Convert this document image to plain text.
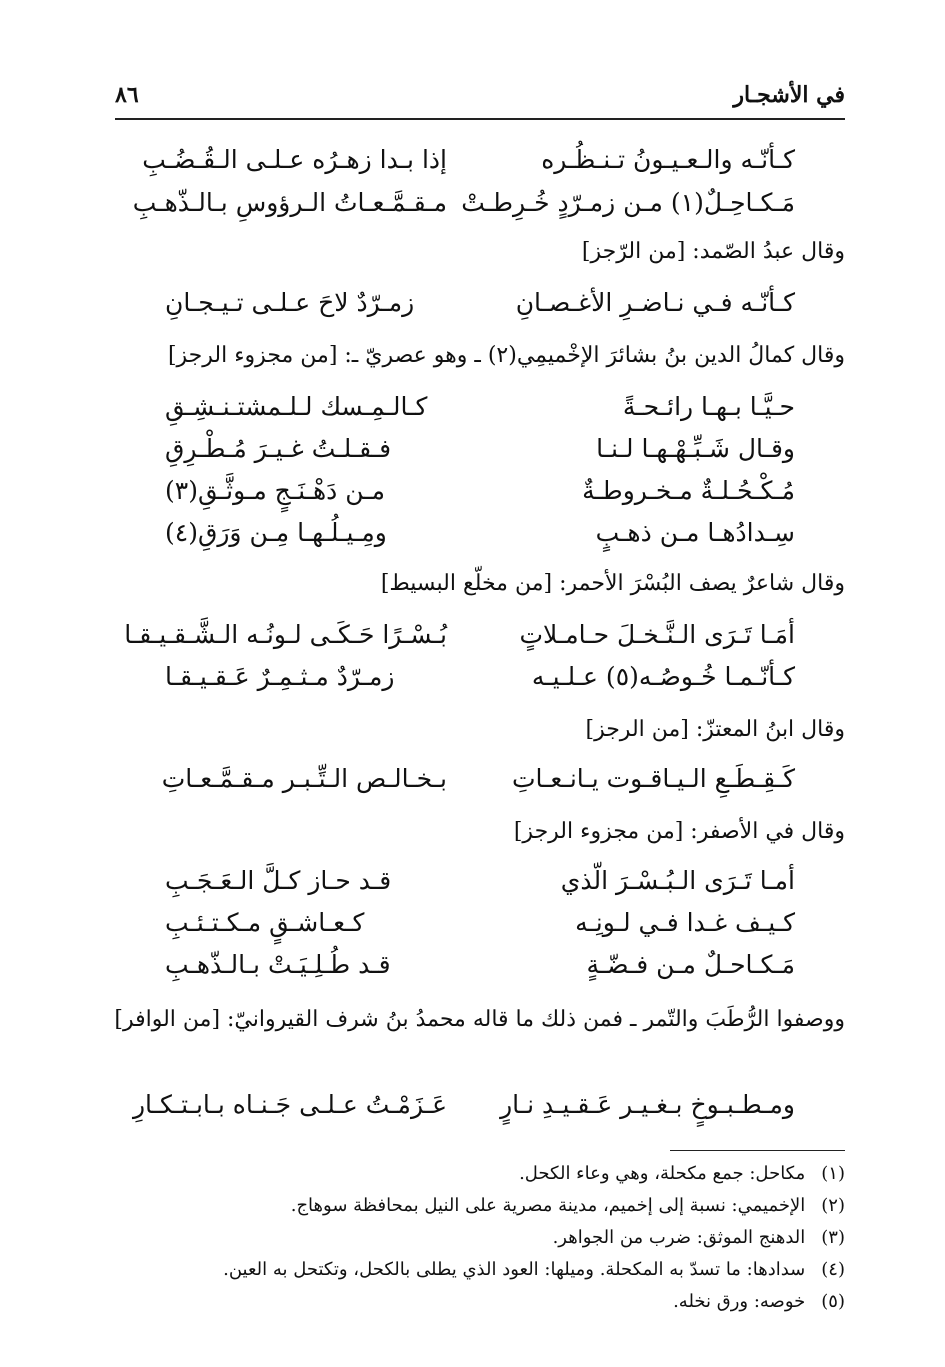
في الأشجـار
٨٦
كـأنّـه والـعـيـونُ تـنـظُـره
إذا بـدا زهـرُه عـلـى الـقُـضُـبِ
مَـكـاحِـلٌ(١) مـن زمـرّدٍ خُـرِطـتْ
مـقـمَّـعـاتُ الـرؤوسِ بـالـذّهـبِ
وقال عبدُ الصّمد: [من الرّجز]
كـأنّـه فـي نـاضـرِ الأغـصـانِ
زمـرّدٌ لاحَ عـلـى تـيـجـانِ
وقال كمالُ الدين بنُ بشائرَ الإخْميمِي(٢) ـ وهو عصريّ ـ: [من مجزوء الرجز]
حـيَّـا بـهـا رائـحـةً
كـالـمِـسك لـلـمشتـنـشِـقِ
وقـال شَـبِّـهْـهـا لـنـا
فـقـلـتُ غـيـرَ مُـطْـرِقِ
مُـكْـحُـلـةٌ مـخـروطـةٌ
مـن دَهْـنَـجٍ مـوثَّـقِ(٣)
سِـدادُهـا مـن ذهـبٍ
ومِـيـلُـهـا مِـن وَرَقِ(٤)
وقال شاعرٌ يصف البُسْرَ الأحمر: [من مخلّع البسيط]
أمَـا تَـرَى الـنَّـخـلَ حـامـلاتٍ
بُـسْـرًا حَـكَـى لـونُـه الـشَّـقـيـقـا
كـأنّـمـا خُـوصُـه(٥) عـلـيـه
زمـرّدٌ مـثـمِـرٌ عَـقـيـقـا
وقال ابنُ المعتزّ: [من الرجز]
كَـقِـطَـعِ الـيـاقـوت يـانـعـاتِ
بـخـالـص الـتِّـبـر مـقـمَّـعـاتِ
وقال في الأصفر: [من مجزوء الرجز]
أمـا تَـرَى الـبُـسْـرَ الّذي
قـد حـاز كـلَّ الـعَـجَـبِ
كـيـف غـدا فـي لـونِـه
كـعـاشـقٍ مـكـتـئـبِ
مَـكـاحـلٌ مـن فـضّـةٍ
قـد طُـلِـيَـتْ بـالـذّهـبِ
ووصفوا الرُّطَبَ والتّمر ـ فمن ذلك ما قاله محمدُ بنُ شرف القيروانيّ: [من الوافر]
ومـطـبـوخٍ بـغـيـر عَـقـيـدِ نـارٍ
عَـزَمْـتُ عـلـى جَـنـاه بـابـتـكـارِ
(١) مكاحل: جمع مكحلة، وهي وعاء الكحل.
(٢) الإخميمي: نسبة إلى إخميم، مدينة مصرية على النيل بمحافظة سوهاج.
(٣) الدهنج الموثق: ضرب من الجواهر.
(٤) سدادها: ما تسدّ به المكحلة. وميلها: العود الذي يطلى بالكحل، وتكتحل به العين.
(٥) خوصه: ورق نخله.
